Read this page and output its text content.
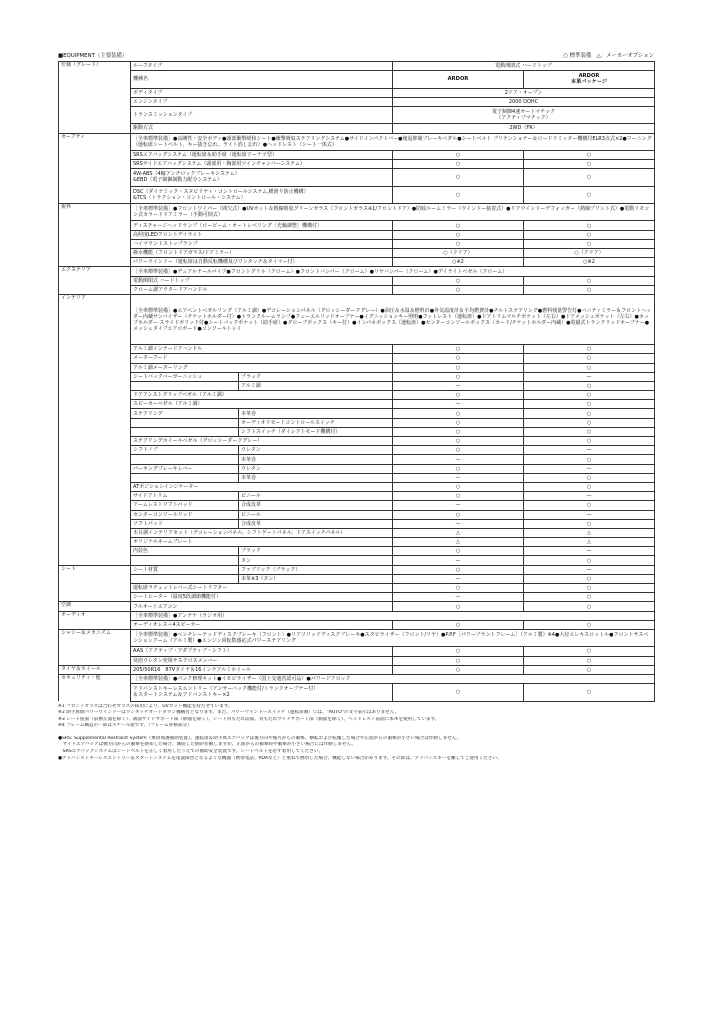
■EQUIPMENT（主要装備）	○ 標準装備　△：メーカーオプション
仕様（グレード）	ルーフタイプ		電動開閉式 ハードトップ	
	機種名		ARDOR	ARDOR
本革パッケージ
	ボディタイプ		2ドア・オープン	
	エンジンタイプ		2000 DOHC	
	トランスミッションタイプ		電子制御4速オートマチック
（アクティブマチック）	
	駆動方式		2WD（FR）	
セーフティ	［全車標準装備］●高剛性・安全ボディ●頭部衝撃緩和シート●衝撃吸収ステアリングシステム●サイドインパクトバー●後退抑制ブレーキペダル●シートベルト プリテンショナー＆ロードリミッター機構付ELR3点式×2●ワーニング（運転席シートベルト、キー抜き忘れ、ライト消し忘れ）●ヘッドレスト（シート一体式）			
	SRSエアバッグシステム（運転席＆助手席（運転席ドーナツ型）		○	○
	SRSサイドエアバッグシステム（頭部用・胸部用ツインチャンバーシステム）		○	○
	4W-ABS（4輪アンチロックブレーキシステム）
&EBD（電子制御制動力配分システム）		○	○
	DSC（ダイナミック・スタビリティ・コントロールシステム,横滑り防止機構）
&TCS（トラクション・コントロール・システム）		○	○
視界	［全車標準装備］●フロントワイパー（間欠式）●UVカット＆熱線吸収グリーンガラス（フロントガラス※1/フロントドア）●防眩ルームミラー（ウインドー接着式）●リアウインドーデフォッガー（熱線プリント式）●電動リモコン式カラードドアミラー（手動可倒式）			
	ディスチャージヘッドランプ（ロービーム・オートレベリング［光軸調整］機構付）		○	○
	高照度LEDフロントデイライト		○	○
	ハイマウントストップランプ		○	○
	撥水機能（フロントドアガラス/ドアミラー）		○（クリア）	○（クリア）
	パワーウインドー（運転席は自動反転機構及びワンタッチ＆タイマー付）		○※2	○※2
エクステリア	［全車標準装備］●デュアルテールパイプ●フロントグリル（クローム）●フロントバンパー（クローム）●リヤバンパー（クローム）●デイライトベゼル（クローム）			
	電動開閉式 ハードトップ		○	○
	クローム調アウタードアハンドル		○	○
インテリア	［全車標準装備］●エアベントベゼルリング（アルミ調）●デコレーションパネル（グロッシーダークグレー）●油圧＆水温＆燃料計●外気温度計＆平均燃費計●チルトステアリング●燃料残量警告灯●バニティミラー＆フロントヘッダー内蔵サンバイザー（チケットホルダー付）●トランクルームランプ●フューエルリッドオープナー●イグニッションキー照明●フットレスト（運転席）●ドアトリムマルチポケット（左右）●ドアメッシュポケット（左右）●カップホルダー スライドボリッド付●シートバックポケット（助手席）●グローブボックス（キー付）●インパネボックス（運転席）●センターコンソールボックス（カード/チケットホルダー内蔵）●電磁式トランクリッドオープナー●メッシュタイプエアロボード●コンソールトレイ			
	アルミ調インナードアハンドル		○	○
	メーターフード		○	○
	アルミ調メーターリング		○	○
	シートバックバーガーニッシュ	ブラック	○	—
		アルミ調	—	○
	ドアアシストグリップベゼル（アルミ調）		○	○
	スピーカーベゼル（アルミ調）		—	○
	ステアリング	本革巻	○	○
		オーディオリモートコントロールスイッチ	○	○
		シフトスイッチ（ダイレクトモード機構付）	○	○
	ステアリングホイールベゼル（グロッシーダークグレー）		○	○
	シフトノブ	ウレタン	○	—
		本革巻	—	○
	パーキングブレーキレバー	ウレタン	○	—
		本革巻	—	○
	ATポジションインジケーター		○	○
	サイドアトリム	ビニール	○	—
	アームレストソフトパッド	合成皮革	—	○
	センターコンソールリッド	ビニール	○	—
	ソフトパッド	合成皮革	—	○
	木目調インテリアセット（デコレーションパネル、シフトゲートパネル、ドアスイッチパネル）		△	△
	オリジナルネームプレート		△	△
	内装色	ブラック	○	—
		タン	—	○
シート	シート材質	ファブリック（ブラック）	○	—
		本革※3（タン）	—	○
	運転席ラチェットレバー式シートリフター		○	○
	シートヒーター（温度5段調節機能付）		—	○
空調	フルオートエアコン		○	○
オーディオ	［全車標準装備］●アンテナ（ラジオ用）			
	オーディオレス＋4スピーカー		○	○
シャシー＆メカニズム	［全車標準装備］●ベンチレーテッドディスクブレーキ（フロント）●リアソリッドディスクブレーキ●スタビライザー（フロント/リヤ）●P.P.F［パワープラントフレーム］（アルミ製）※4●大径エレキスロットル●フロントサスペンションアーム（アルミ製）●エンジン回転数感応式パワーステアリング			
	AAS（アクティブ・アダプティブ・シフト）		○	○
	発泡ウレタン充填サスクロスメンバー		○	○
タイヤ＆ホイール	205/50R16　87Vタイヤ＆16インチアルミホイール		○	○
セキュリティ・他	［全車標準装備］●パンク修理キット●イモビライザー（国土交通省認可品）●パワードアロック			
	アドバンストキーレスエントリー（アンサーバック機能付/トランクオープナー付）
＆スタートシステム＆アドバンストキー×2		○	○
※1 フロントガラスは合わせガラスの採用により、UVカット機能を持たせています。
※2 助手席側パワーウインドーはワンタッチオートダウン機構付となります。また、パワーウインドースイッチ（運転席側）には、"AUTO"の文字表示はありません。
※3 シート座面（前横正面を除く）、販面サイドサポート部（側面を除く）、シート背もたれ前面、背もたれサイドサポート部（側面を除く）、ヘッドレスト前面に本革を使用しています。
※4 フレーム構造の一部はスチール製です。（フレーム骨格部分）
●SRS: Supplemental Restraint System（乗員保護補助装置）。運転席＆助手席エアバッグは後方向や後方からの衝撃、横転および転覆した場合や正面からの衝撃が小さい場合は作動しません。
　サイドエアバッグは横方向からの衝撃を感知した場合、側面した側が作動しますが、正面からの衝撃時や衝撃が小さい場合には作動しません。
　SRSエアバッグシステムはシートベルトを正しく着用したうえでの補助安全装置です。シートベルトを必ず着用してください。
●アドバンストキーレスエントリー＆スタートシステムを電波障害となるような機器（携帯電話、PDAなど）と重ねて携帯した場合、機能しない場合があります。その際は、アドバンスキーを離してご使用ください。
